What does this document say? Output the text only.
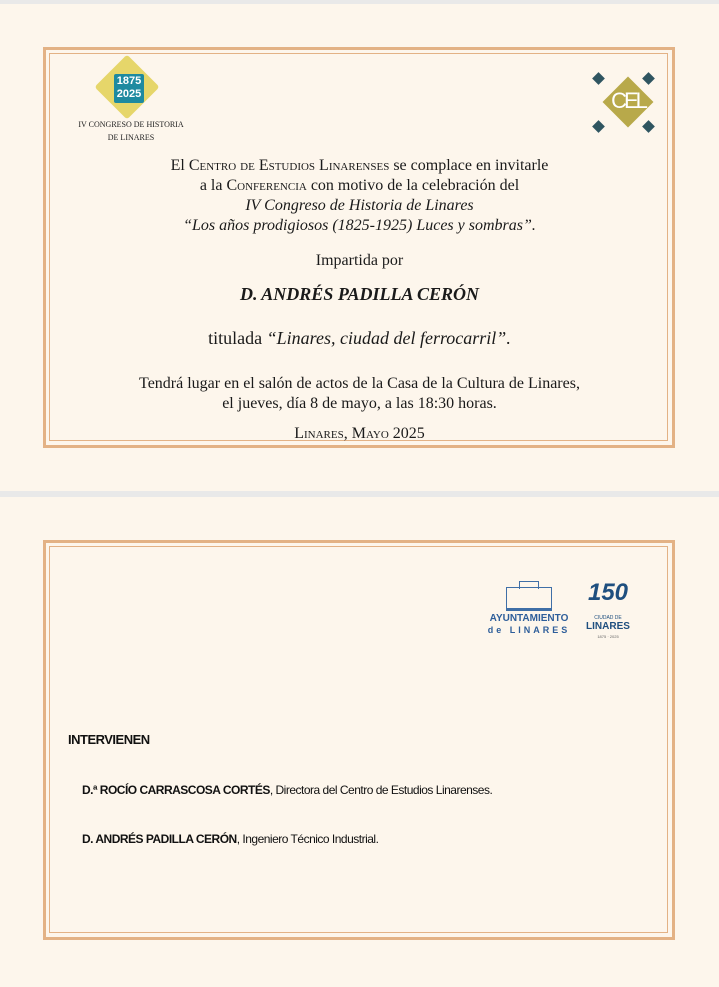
1875
2025
IV CONGRESO DE HISTORIA
DE LINARES
CEL
El Centro de Estudios Linarenses se complace en invitarle
a la Conferencia con motivo de la celebración del
IV Congreso de Historia de Linares
“Los años prodigiosos (1825-1925) Luces y sombras”.
Impartida por
D. ANDRÉS PADILLA CERÓN
titulada “Linares, ciudad del ferrocarril”.
Tendrá lugar en el salón de actos de la Casa de la Cultura de Linares,
el jueves, día 8 de mayo, a las 18:30 horas.
Linares, Mayo 2025
AYUNTAMIENTO
de LINARES
150
CIUDAD DE
LINARES
1875 · 2025
INTERVIENEN
D.ª ROCÍO CARRASCOSA CORTÉS, Directora del Centro de Estudios Linarenses.
D. ANDRÉS PADILLA CERÓN, Ingeniero Técnico Industrial.
